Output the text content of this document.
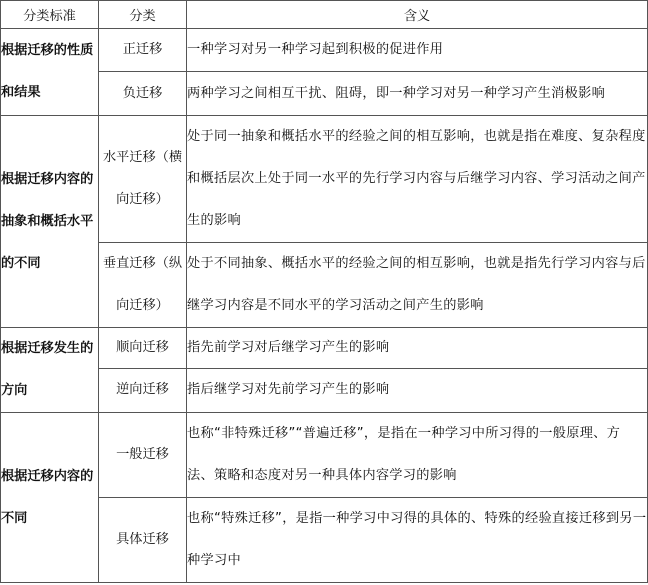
分类标准	分类	含义
根据迁移的性质和结果	正迁移	一种学习对另一种学习起到积极的促进作用

	负迁移	两种学习之间相互干扰、阻碍，即一种学习对另一种学习产生消极影响
根据迁移内容的抽象和概括水平的不同	水平迁移（横向迁移）	处于同一抽象和概括水平的经验之间的相互影响，也就是指在难度、复杂程度和概括层次上处于同一水平的先行学习内容与后继学习内容、学习活动之间产生的影响

	垂直迁移（纵向迁移）	处于不同抽象、概括水平的经验之间的相互影响，也就是指先行学习内容与后继学习内容是不同水平的学习活动之间产生的影响
根据迁移发生的方向	顺向迁移	指先前学习对后继学习产生的影响

	逆向迁移	指后继学习对先前学习产生的影响
根据迁移内容的不同	一般迁移	也称“非特殊迁移”“普遍迁移”，是指在一种学习中所习得的一般原理、方法、策略和态度对另一种具体内容学习的影响

	具体迁移	也称“特殊迁移”，是指一种学习中习得的具体的、特殊的经验直接迁移到另一种学习中
